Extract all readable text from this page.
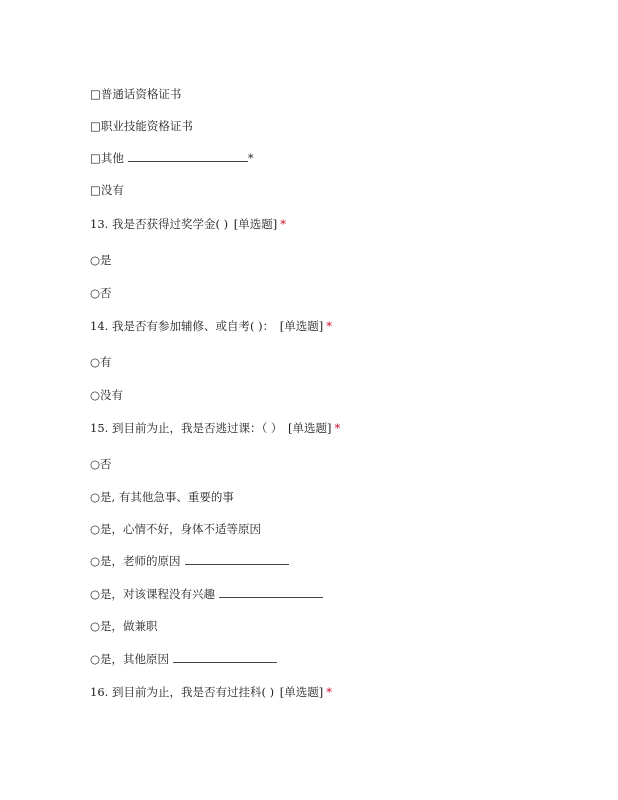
□普通话资格证书
□职业技能资格证书
□其他	*
□没有
13. 我是否获得过奖学金( ) [单选题] *
○是
○否
14. 我是否有参加辅修、或自考( )： [单选题] *
○有
○没有
15. 到目前为止，我是否逃过课：（ ） [单选题] *
○否
○是, 有其他急事、重要的事
○是，心情不好，身体不适等原因
○是，老师的原因
○是，对该课程没有兴趣
○是，做兼职
○是，其他原因
16. 到目前为止，我是否有过挂科( ) [单选题] *
